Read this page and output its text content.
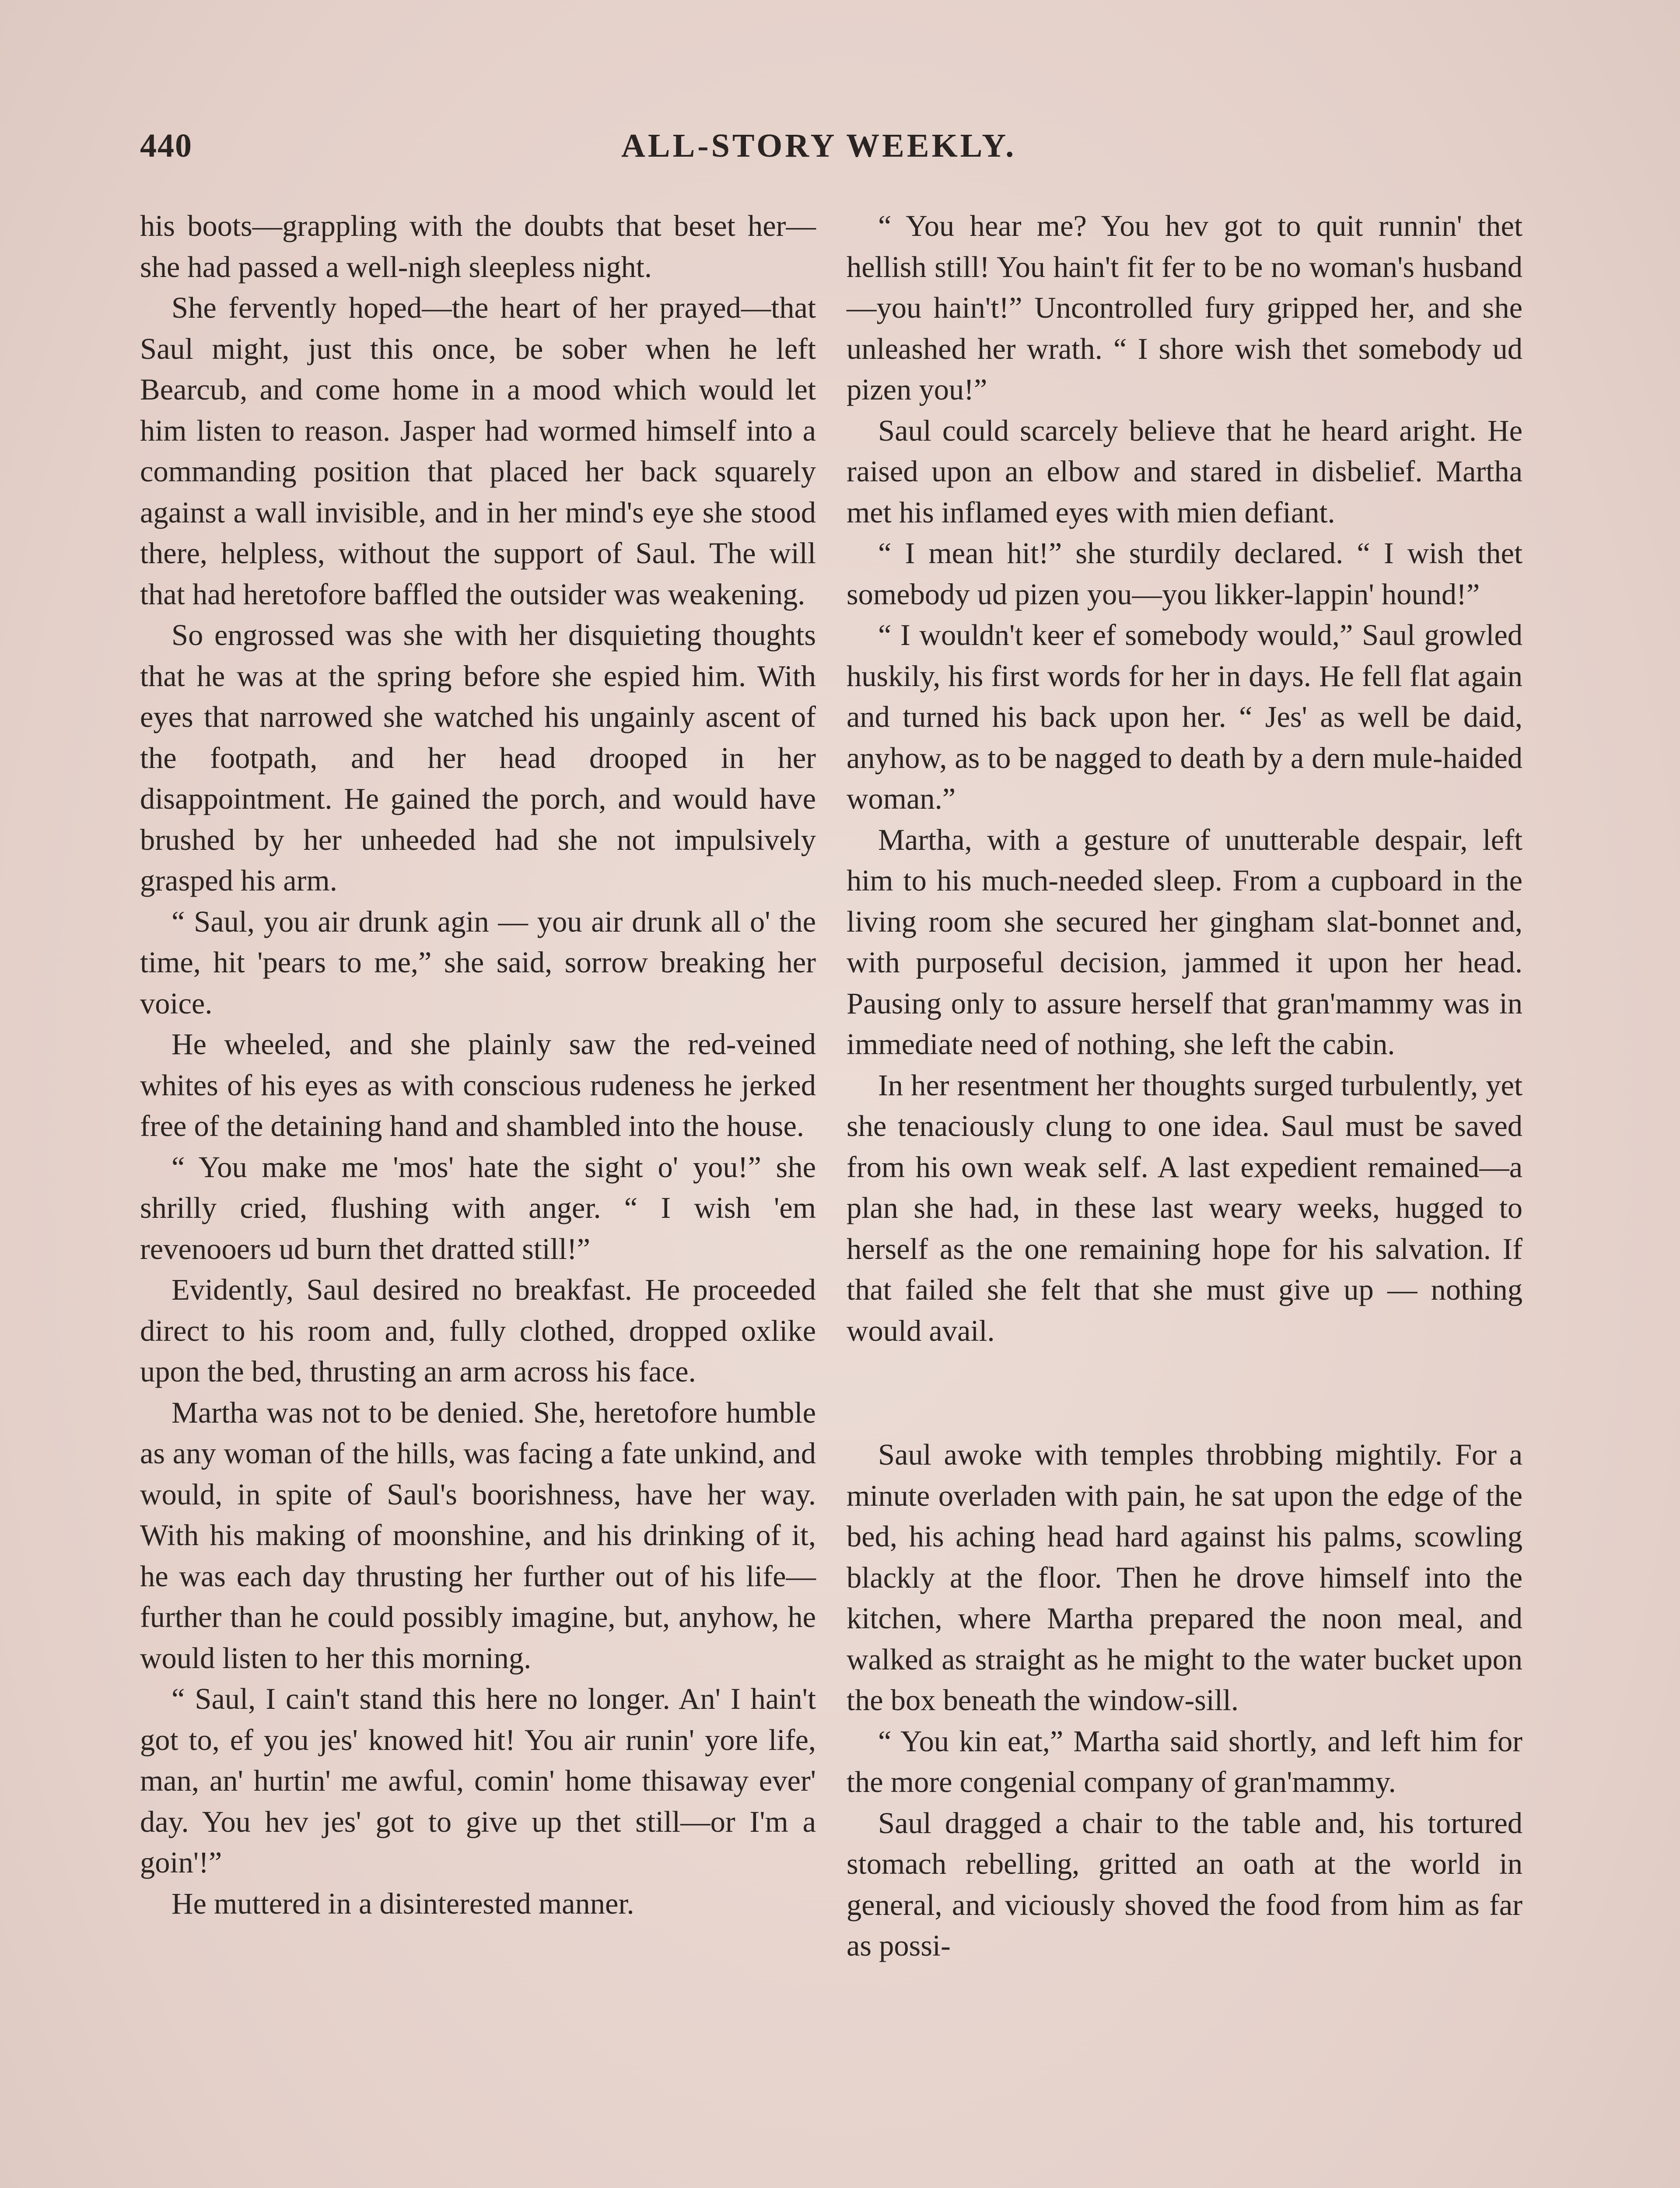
440	ALL-STORY WEEKLY.

his boots—grappling with the doubts that beset her—she had passed a well-nigh sleepless night.

She fervently hoped—the heart of her prayed—that Saul might, just this once, be sober when he left Bearcub, and come home in a mood which would let him listen to reason. Jasper had wormed himself into a commanding position that placed her back squarely against a wall invisible, and in her mind's eye she stood there, helpless, without the support of Saul. The will that had heretofore baffled the outsider was weakening.

So engrossed was she with her disquieting thoughts that he was at the spring before she espied him. With eyes that narrowed she watched his ungainly ascent of the footpath, and her head drooped in her disappointment. He gained the porch, and would have brushed by her unheeded had she not impulsively grasped his arm.

“ Saul, you air drunk agin — you air drunk all o' the time, hit 'pears to me,” she said, sorrow breaking her voice.

He wheeled, and she plainly saw the red-veined whites of his eyes as with conscious rudeness he jerked free of the detaining hand and shambled into the house.

“ You make me 'mos' hate the sight o' you!” she shrilly cried, flushing with anger. “ I wish 'em revenooers ud burn thet dratted still!”

Evidently, Saul desired no breakfast. He proceeded direct to his room and, fully clothed, dropped oxlike upon the bed, thrusting an arm across his face.

Martha was not to be denied. She, heretofore humble as any woman of the hills, was facing a fate unkind, and would, in spite of Saul's boorishness, have her way. With his making of moonshine, and his drinking of it, he was each day thrusting her further out of his life—further than he could possibly imagine, but, anyhow, he would listen to her this morning.

“ Saul, I cain't stand this here no longer. An' I hain't got to, ef you jes' knowed hit! You air runin' yore life, man, an' hurtin' me awful, comin' home thisaway ever' day. You hev jes' got to give up thet still—or I'm a goin'!”

He muttered in a disinterested manner.

“ You hear me? You hev got to quit runnin' thet hellish still! You hain't fit fer to be no woman's husband—you hain't!” Uncontrolled fury gripped her, and she unleashed her wrath. “ I shore wish thet somebody ud pizen you!”

Saul could scarcely believe that he heard aright. He raised upon an elbow and stared in disbelief. Martha met his inflamed eyes with mien defiant.

“ I mean hit!” she sturdily declared. “ I wish thet somebody ud pizen you—you likker-lappin' hound!”

“ I wouldn't keer ef somebody would,” Saul growled huskily, his first words for her in days. He fell flat again and turned his back upon her. “ Jes' as well be daid, anyhow, as to be nagged to death by a dern mule-haided woman.”

Martha, with a gesture of unutterable despair, left him to his much-needed sleep. From a cupboard in the living room she secured her gingham slat-bonnet and, with purposeful decision, jammed it upon her head. Pausing only to assure herself that gran'mammy was in immediate need of nothing, she left the cabin.

In her resentment her thoughts surged turbulently, yet she tenaciously clung to one idea. Saul must be saved from his own weak self. A last expedient remained—a plan she had, in these last weary weeks, hugged to herself as the one remaining hope for his salvation. If that failed she felt that she must give up — nothing would avail.

Saul awoke with temples throbbing mightily. For a minute overladen with pain, he sat upon the edge of the bed, his aching head hard against his palms, scowling blackly at the floor. Then he drove himself into the kitchen, where Martha prepared the noon meal, and walked as straight as he might to the water bucket upon the box beneath the window-sill.

“ You kin eat,” Martha said shortly, and left him for the more congenial company of gran'mammy.

Saul dragged a chair to the table and, his tortured stomach rebelling, gritted an oath at the world in general, and viciously shoved the food from him as far as possi-
